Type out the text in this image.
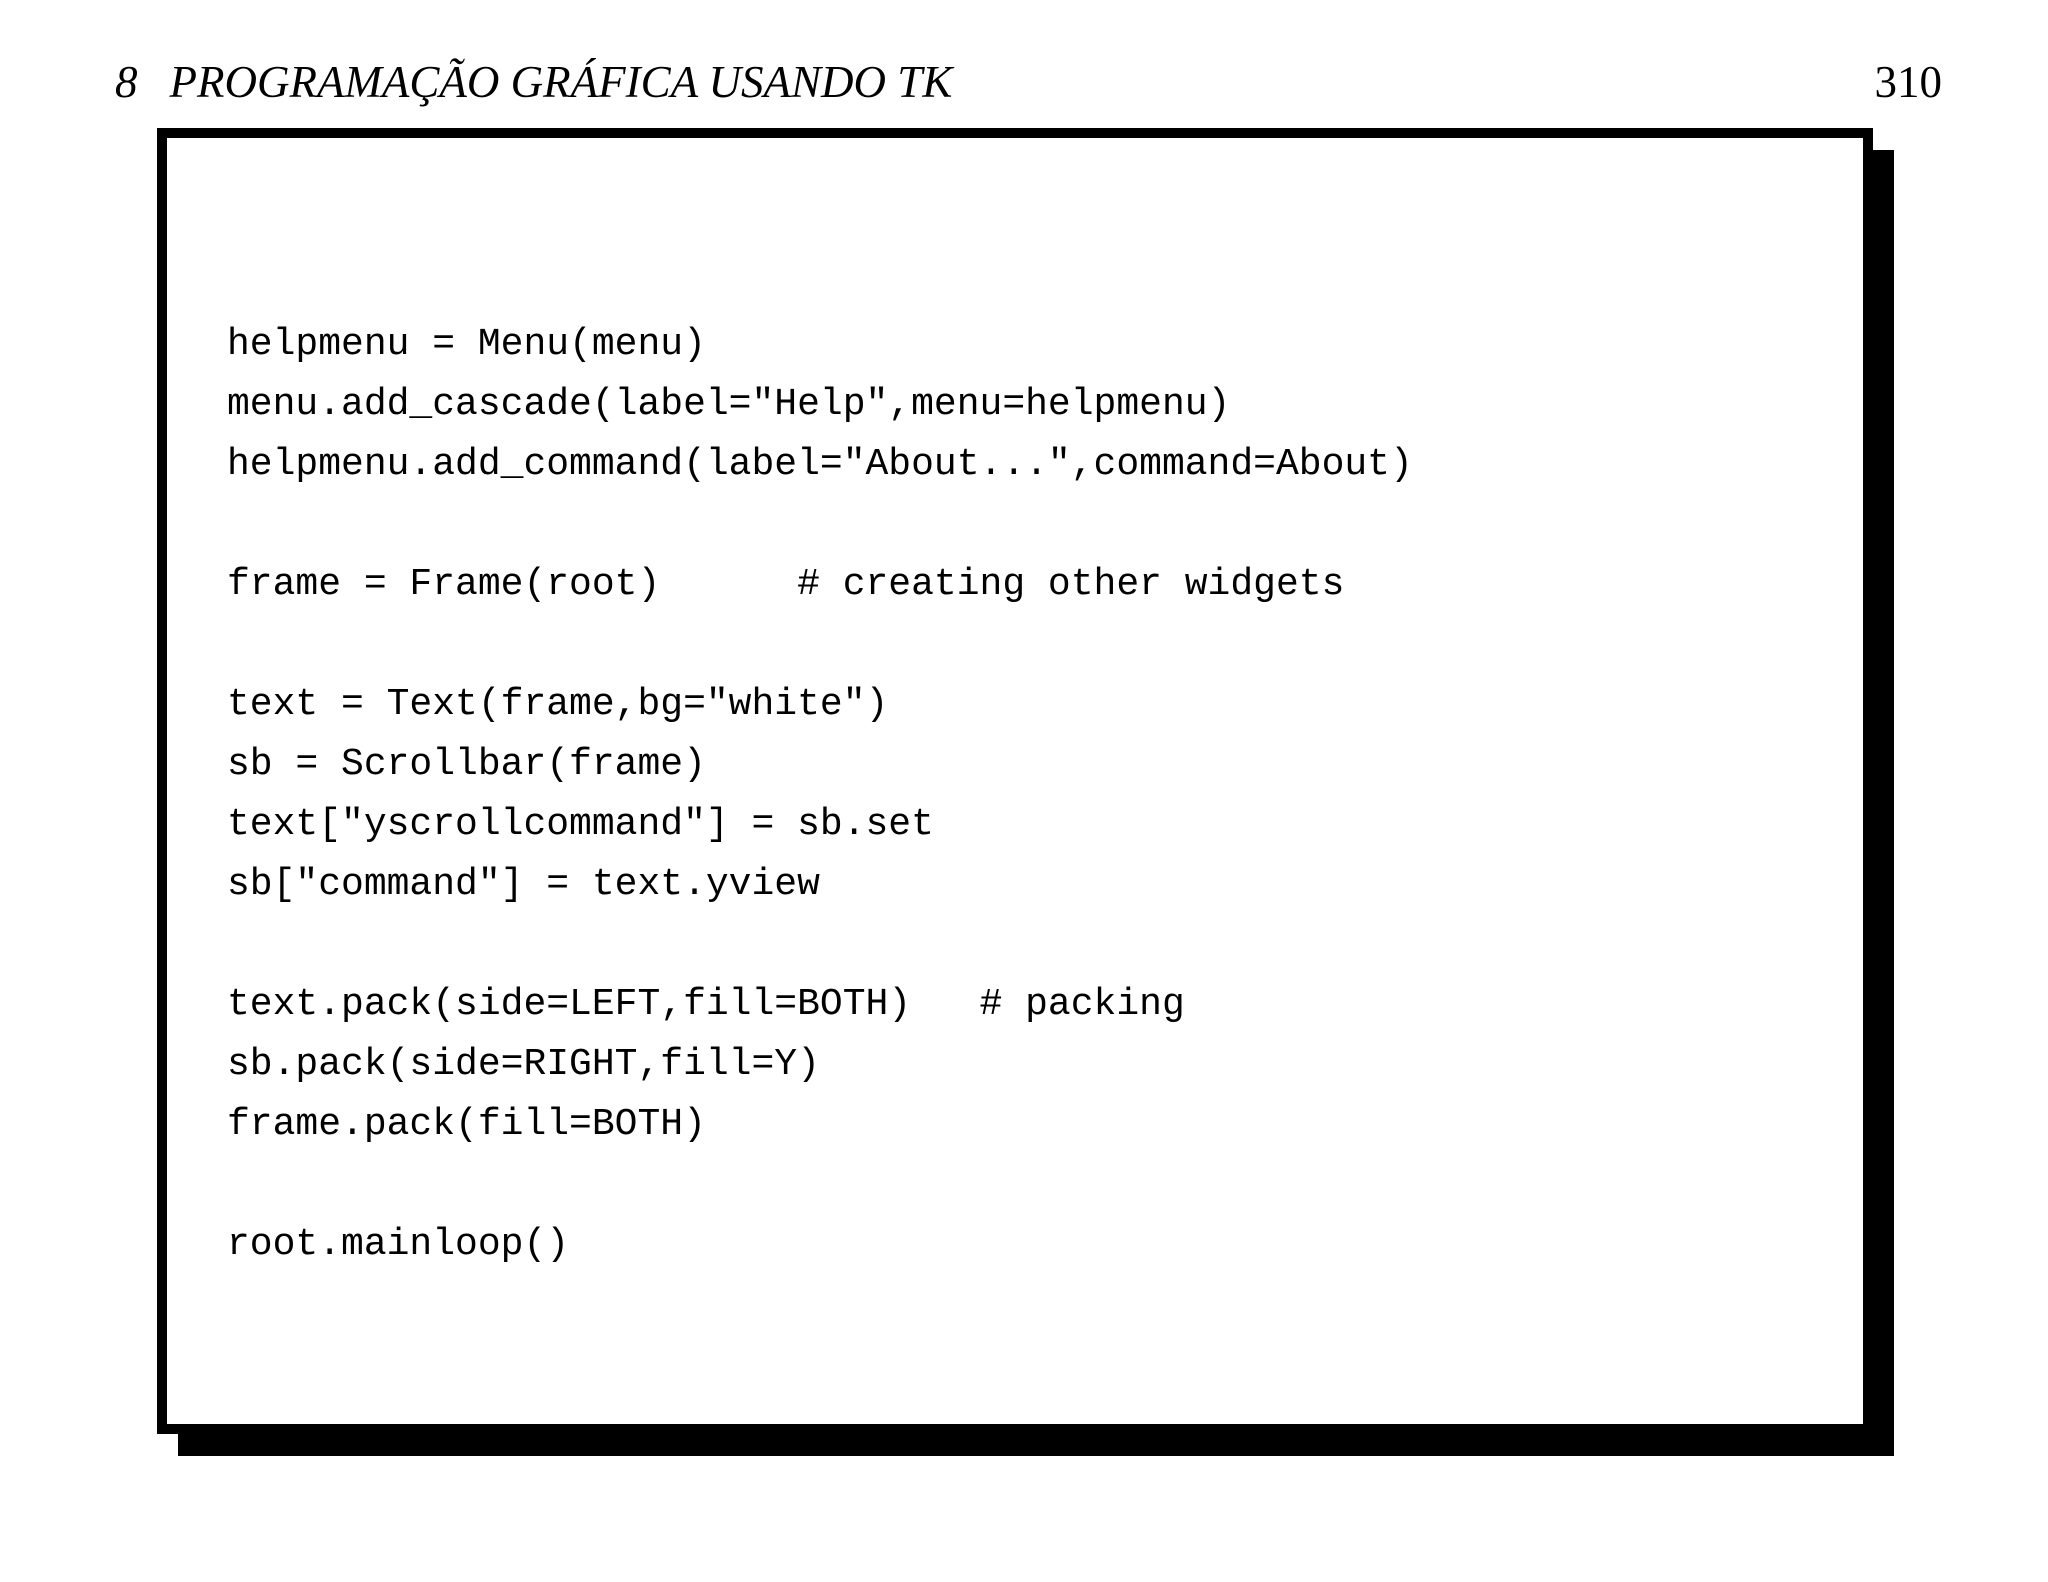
8 PROGRAMAÇÃO GRÁFICA USANDO TK	310
helpmenu = Menu(menu)
menu.add_cascade(label="Help",menu=helpmenu)
helpmenu.add_command(label="About...",command=About)
frame = Frame(root)      # creating other widgets
text = Text(frame,bg="white")
sb = Scrollbar(frame)
text["yscrollcommand"] = sb.set
sb["command"] = text.yview
text.pack(side=LEFT,fill=BOTH)   # packing
sb.pack(side=RIGHT,fill=Y)
frame.pack(fill=BOTH)
root.mainloop()
